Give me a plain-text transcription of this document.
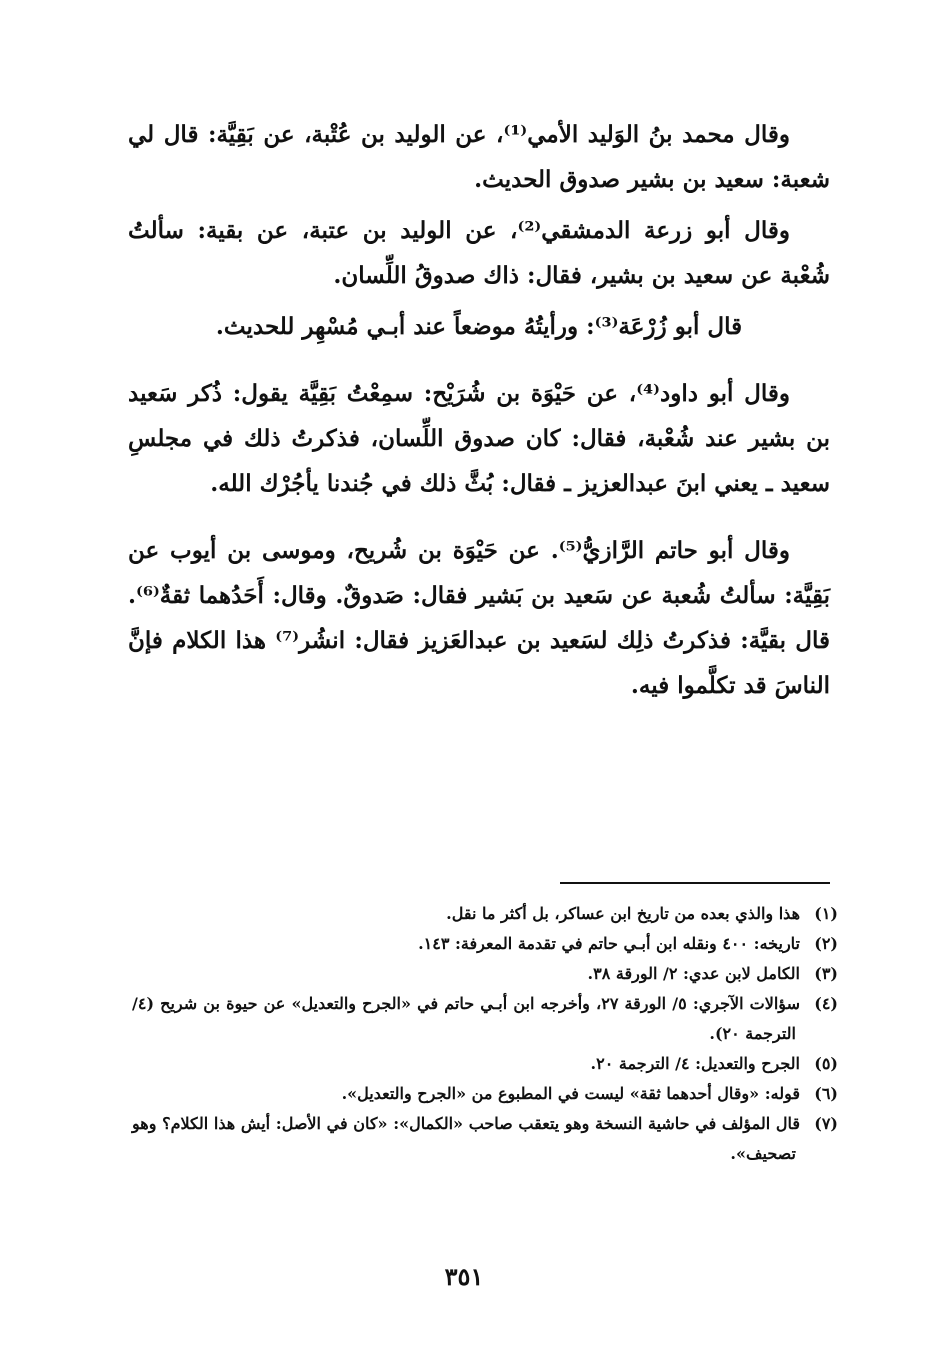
وقال محمد بنُ الوَليد الأمي⁽¹⁾، عن الوليد بن عُتْبة، عن بَقِيَّة: قال لي شعبة: سعيد بن بشير صدوق الحديث.

وقال أبو زرعة الدمشقي⁽²⁾، عن الوليد بن عتبة، عن بقية: سألتُ شُعْبة عن سعيد بن بشير، فقال: ذاك صدوقُ اللِّسان.

قال أبو زُرْعَة⁽³⁾: ورأيتُهُ موضعاً عند أبـي مُسْهِر للحديث.

وقال أبو داود⁽⁴⁾، عن حَيْوَة بن شُرَيْح: سمِعْتُ بَقِيَّة يقول: ذُكر سَعيد بن بشير عند شُعْبة، فقال: كان صدوق اللِّسان، فذكرتُ ذلك في مجلسِ سعيد ـ يعني ابنَ عبدالعزيز ـ فقال: بُثَّ ذلك في جُندنا يأجُرْك الله.

وقال أبو حاتم الرَّازيُّ⁽⁵⁾. عن حَيْوَة بن شُريح، وموسى بن أيوب عن بَقِيَّة: سألتُ شُعبة عن سَعيد بن بَشير فقال: صَدوقٌ. وقال: أَحَدُهما ثقةٌ⁽⁶⁾. قال بقيَّة: فذكرتُ ذلِك لسَعيد بن عبدالعَزيز فقال: انشُر⁽⁷⁾ هذا الكلام فإنَّ الناسَ قد تكلَّموا فيه.

(١)هذا والذي بعده من تاريخ ابن عساكر، بل أكثر ما نقل.
(٢)تاريخه: ٤٠٠ ونقله ابن أبـي حاتم في تقدمة المعرفة: ١٤٣.
(٣)الكامل لابن عدي: ٢/ الورقة ٣٨.
(٤)سؤالات الآجري: ٥/ الورقة ٢٧، وأخرجه ابن أبـي حاتم في «الجرح والتعديل» عن حيوة بن شريح (٤/ الترجمة ٢٠).
(٥)الجرح والتعديل: ٤/ الترجمة ٢٠.
(٦)قوله: «وقال أحدهما ثقة» ليست في المطبوع من «الجرح والتعديل».
(٧)قال المؤلف في حاشية النسخة وهو يتعقب صاحب «الكمال»: «كان في الأصل: أيش هذا الكلام؟ وهو تصحيف».
٣٥١
